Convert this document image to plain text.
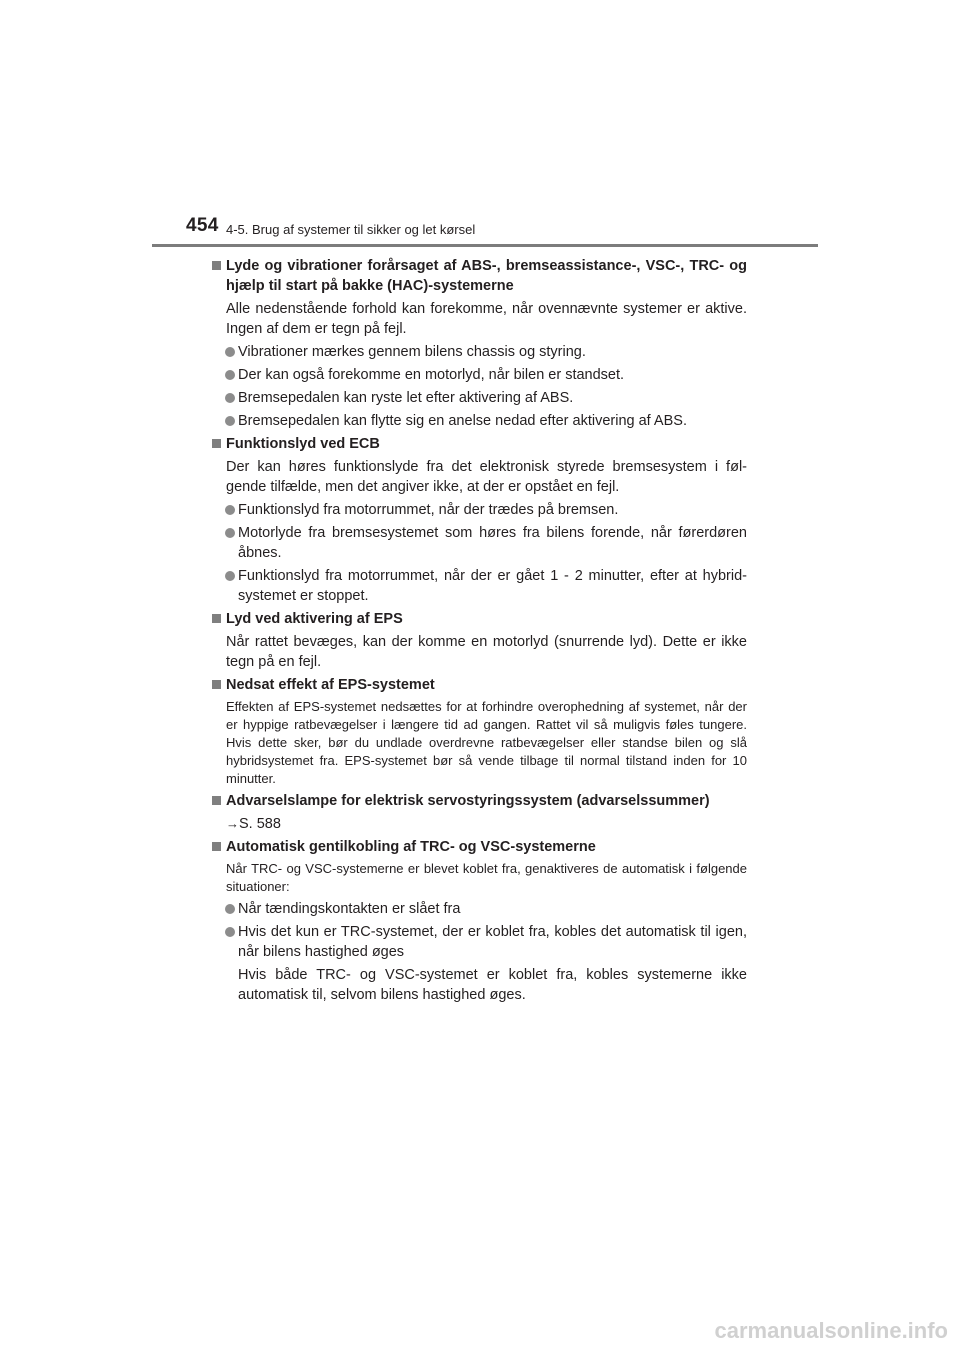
454 4-5. Brug af systemer til sikker og let kørsel
Lyde og vibrationer forårsaget af ABS-, bremseassistance-, VSC-, TRC- og hjælp til start på bakke (HAC)-systemerne
Alle nedenstående forhold kan forekomme, når ovennævnte systemer er aktive. Ingen af dem er tegn på fejl.
Vibrationer mærkes gennem bilens chassis og styring.
Der kan også forekomme en motorlyd, når bilen er standset.
Bremsepedalen kan ryste let efter aktivering af ABS.
Bremsepedalen kan flytte sig en anelse nedad efter aktivering af ABS.
Funktionslyd ved ECB
Der kan høres funktionslyde fra det elektronisk styrede bremsesystem i føl- gende tilfælde, men det angiver ikke, at der er opstået en fejl.
Funktionslyd fra motorrummet, når der trædes på bremsen.
Motorlyde fra bremsesystemet som høres fra bilens forende, når førerdøren åbnes.
Funktionslyd fra motorrummet, når der er gået 1 - 2 minutter, efter at hybrid- systemet er stoppet.
Lyd ved aktivering af EPS
Når rattet bevæges, kan der komme en motorlyd (snurrende lyd). Dette er ikke tegn på en fejl.
Nedsat effekt af EPS-systemet
Effekten af EPS-systemet nedsættes for at forhindre overophedning af systemet, når der er hyppige ratbevægelser i længere tid ad gangen. Rattet vil så muligvis føles tungere. Hvis dette sker, bør du undlade overdrevne ratbevægelser eller standse bilen og slå hybridsystemet fra. EPS-systemet bør så vende tilbage til normal tilstand inden for 10 minutter.
Advarselslampe for elektrisk servostyringssystem (advarselssummer)
→S. 588
Automatisk gentilkobling af TRC- og VSC-systemerne
Når TRC- og VSC-systemerne er blevet koblet fra, genaktiveres de automatisk i følgende situationer:
Når tændingskontakten er slået fra
Hvis det kun er TRC-systemet, der er koblet fra, kobles det automatisk til igen, når bilens hastighed øges
Hvis både TRC- og VSC-systemet er koblet fra, kobles systemerne ikke automatisk til, selvom bilens hastighed øges.
carmanualsonline.info
